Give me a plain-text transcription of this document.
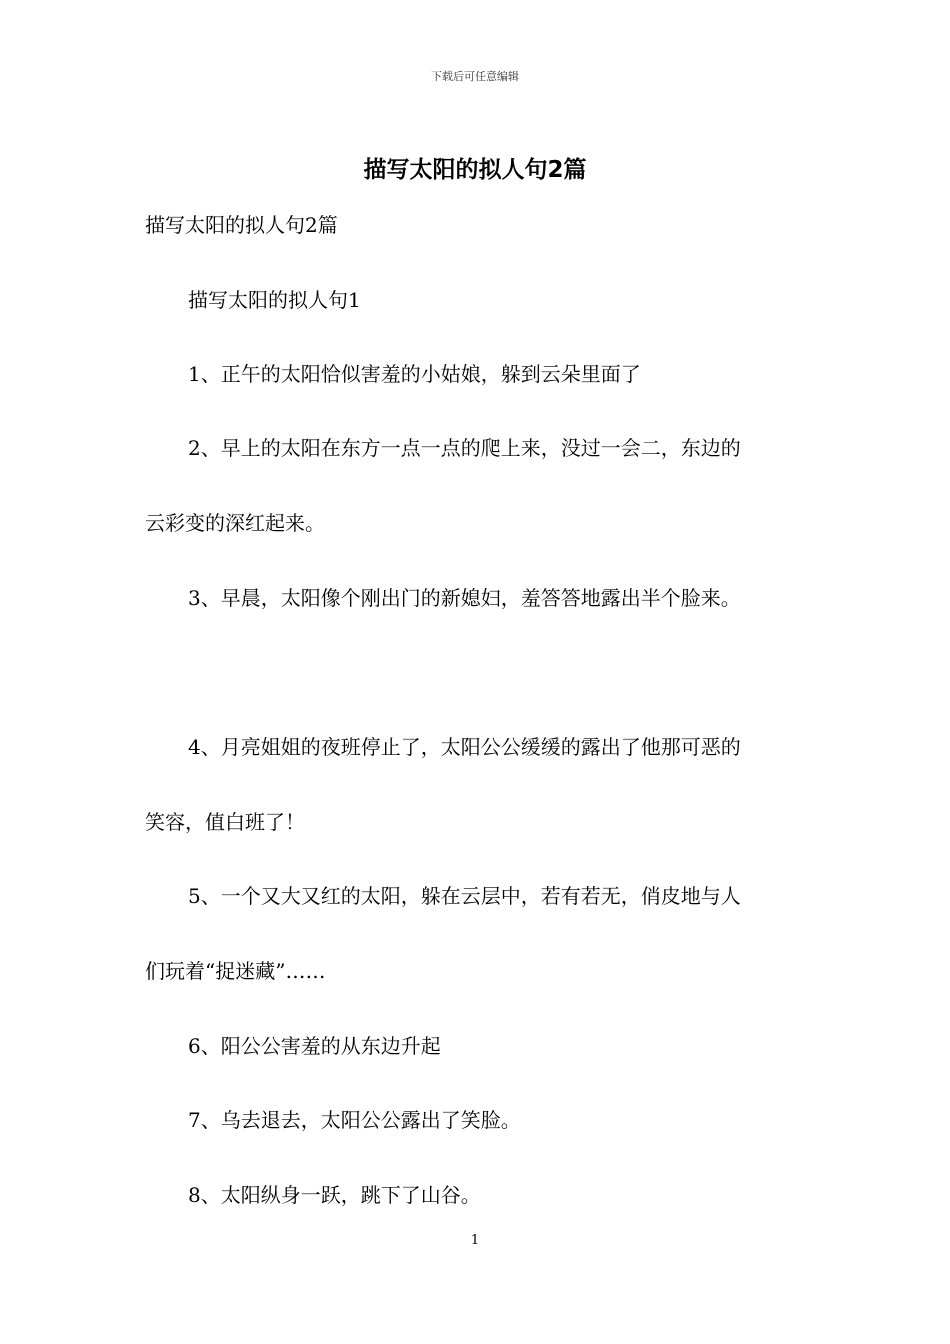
下载后可任意编辑
描写太阳的拟人句2篇

描写太阳的拟人句2篇

描写太阳的拟人句1

1、正午的太阳恰似害羞的小姑娘，躲到云朵里面了

2、早上的太阳在东方一点一点的爬上来，没过一会二，东边的

云彩变的深红起来。

3、早晨，太阳像个刚出门的新媳妇，羞答答地露出半个脸来。

4、月亮姐姐的夜班停止了，太阳公公缓缓的露出了他那可恶的

笑容，值白班了！

5、一个又大又红的太阳，躲在云层中，若有若无，俏皮地与人

们玩着“捉迷藏”……

6、阳公公害羞的从东边升起

7、乌去退去，太阳公公露出了笑脸。

8、太阳纵身一跃，跳下了山谷。

1
